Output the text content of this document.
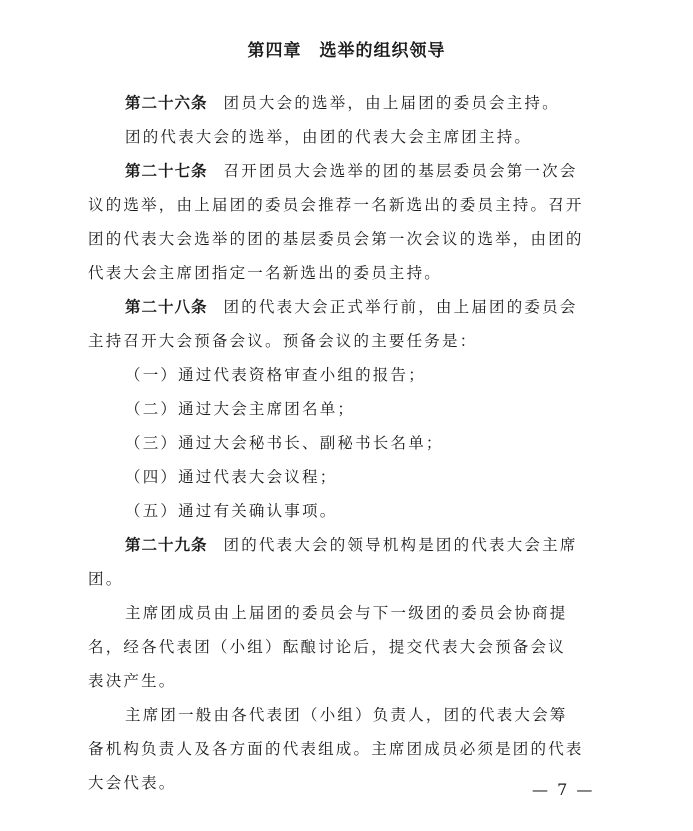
第四章　选举的组织领导
第二十六条 团员大会的选举，由上届团的委员会主持。
团的代表大会的选举，由团的代表大会主席团主持。
第二十七条 召开团员大会选举的团的基层委员会第一次会
议的选举，由上届团的委员会推荐一名新选出的委员主持。召开
团的代表大会选举的团的基层委员会第一次会议的选举，由团的
代表大会主席团指定一名新选出的委员主持。
第二十八条 团的代表大会正式举行前，由上届团的委员会
主持召开大会预备会议。预备会议的主要任务是：
（一）通过代表资格审查小组的报告；
（二）通过大会主席团名单；
（三）通过大会秘书长、副秘书长名单；
（四）通过代表大会议程；
（五）通过有关确认事项。
第二十九条 团的代表大会的领导机构是团的代表大会主席
团。
主席团成员由上届团的委员会与下一级团的委员会协商提
名，经各代表团（小组）酝酿讨论后，提交代表大会预备会议
表决产生。
主席团一般由各代表团（小组）负责人，团的代表大会筹
备机构负责人及各方面的代表组成。主席团成员必须是团的代表
大会代表。	— 7 —
